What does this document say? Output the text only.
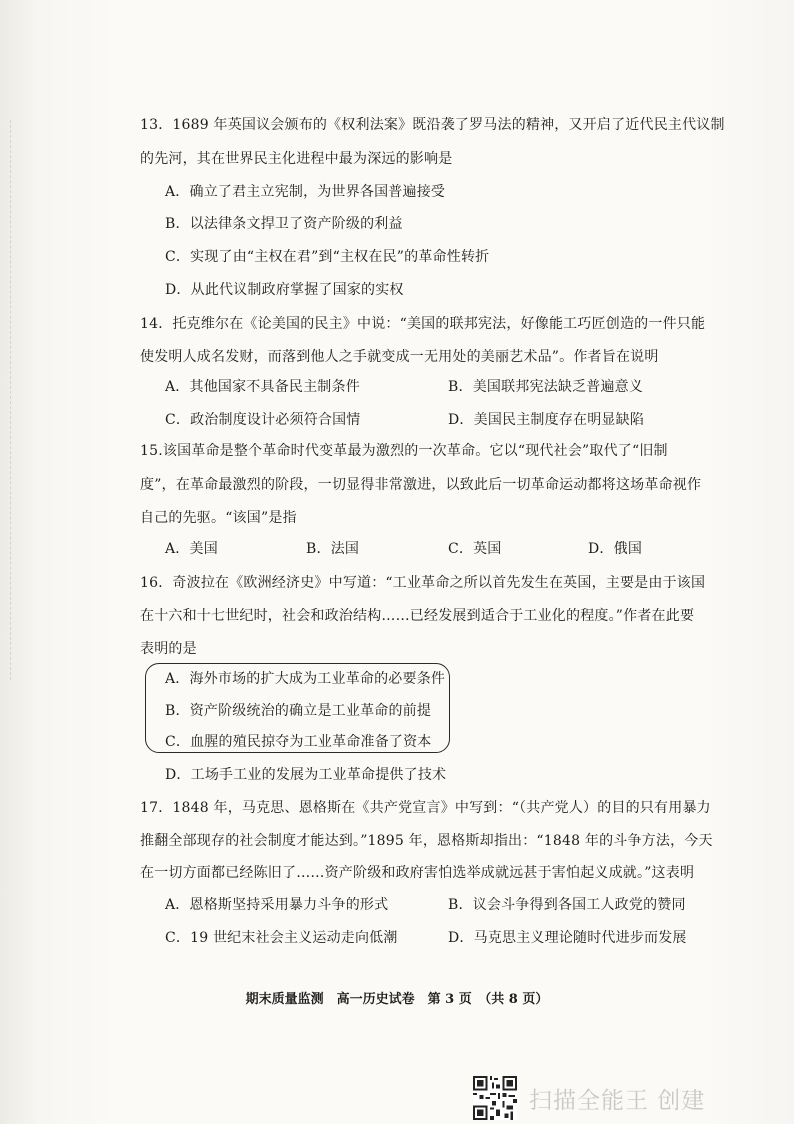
13．1689 年英国议会颁布的《权利法案》既沿袭了罗马法的精神，又开启了近代民主代议制
的先河，其在世界民主化进程中最为深远的影响是
A．确立了君主立宪制，为世界各国普遍接受
B．以法律条文捍卫了资产阶级的利益
C．实现了由“主权在君”到“主权在民”的革命性转折
D．从此代议制政府掌握了国家的实权
14．托克维尔在《论美国的民主》中说：“美国的联邦宪法，好像能工巧匠创造的一件只能
使发明人成名发财，而落到他人之手就变成一无用处的美丽艺术品”。作者旨在说明
A．其他国家不具备民主制条件	B．美国联邦宪法缺乏普遍意义
C．政治制度设计必须符合国情	D．美国民主制度存在明显缺陷
15.该国革命是整个革命时代变革最为激烈的一次革命。它以“现代社会”取代了“旧制
度”，在革命最激烈的阶段，一切显得非常激进，以致此后一切革命运动都将这场革命视作
自己的先驱。“该国”是指
A．美国	B．法国	C．英国	D．俄国
16．奇波拉在《欧洲经济史》中写道：“工业革命之所以首先发生在英国，主要是由于该国
在十六和十七世纪时，社会和政治结构……已经发展到适合于工业化的程度。”作者在此要
表明的是
A．海外市场的扩大成为工业革命的必要条件
B．资产阶级统治的确立是工业革命的前提
C．血腥的殖民掠夺为工业革命准备了资本
D．工场手工业的发展为工业革命提供了技术
17．1848 年，马克思、恩格斯在《共产党宣言》中写到：“（共产党人）的目的只有用暴力
推翻全部现存的社会制度才能达到。”1895 年，恩格斯却指出：“1848 年的斗争方法，今天
在一切方面都已经陈旧了……资产阶级和政府害怕选举成就远甚于害怕起义成就。”这表明
A．恩格斯坚持采用暴力斗争的形式	B．议会斗争得到各国工人政党的赞同
C．19 世纪末社会主义运动走向低潮	D．马克思主义理论随时代进步而发展
期末质量监测　高一历史试卷　第 3 页　（共 8 页）
扫描全能王 创建
